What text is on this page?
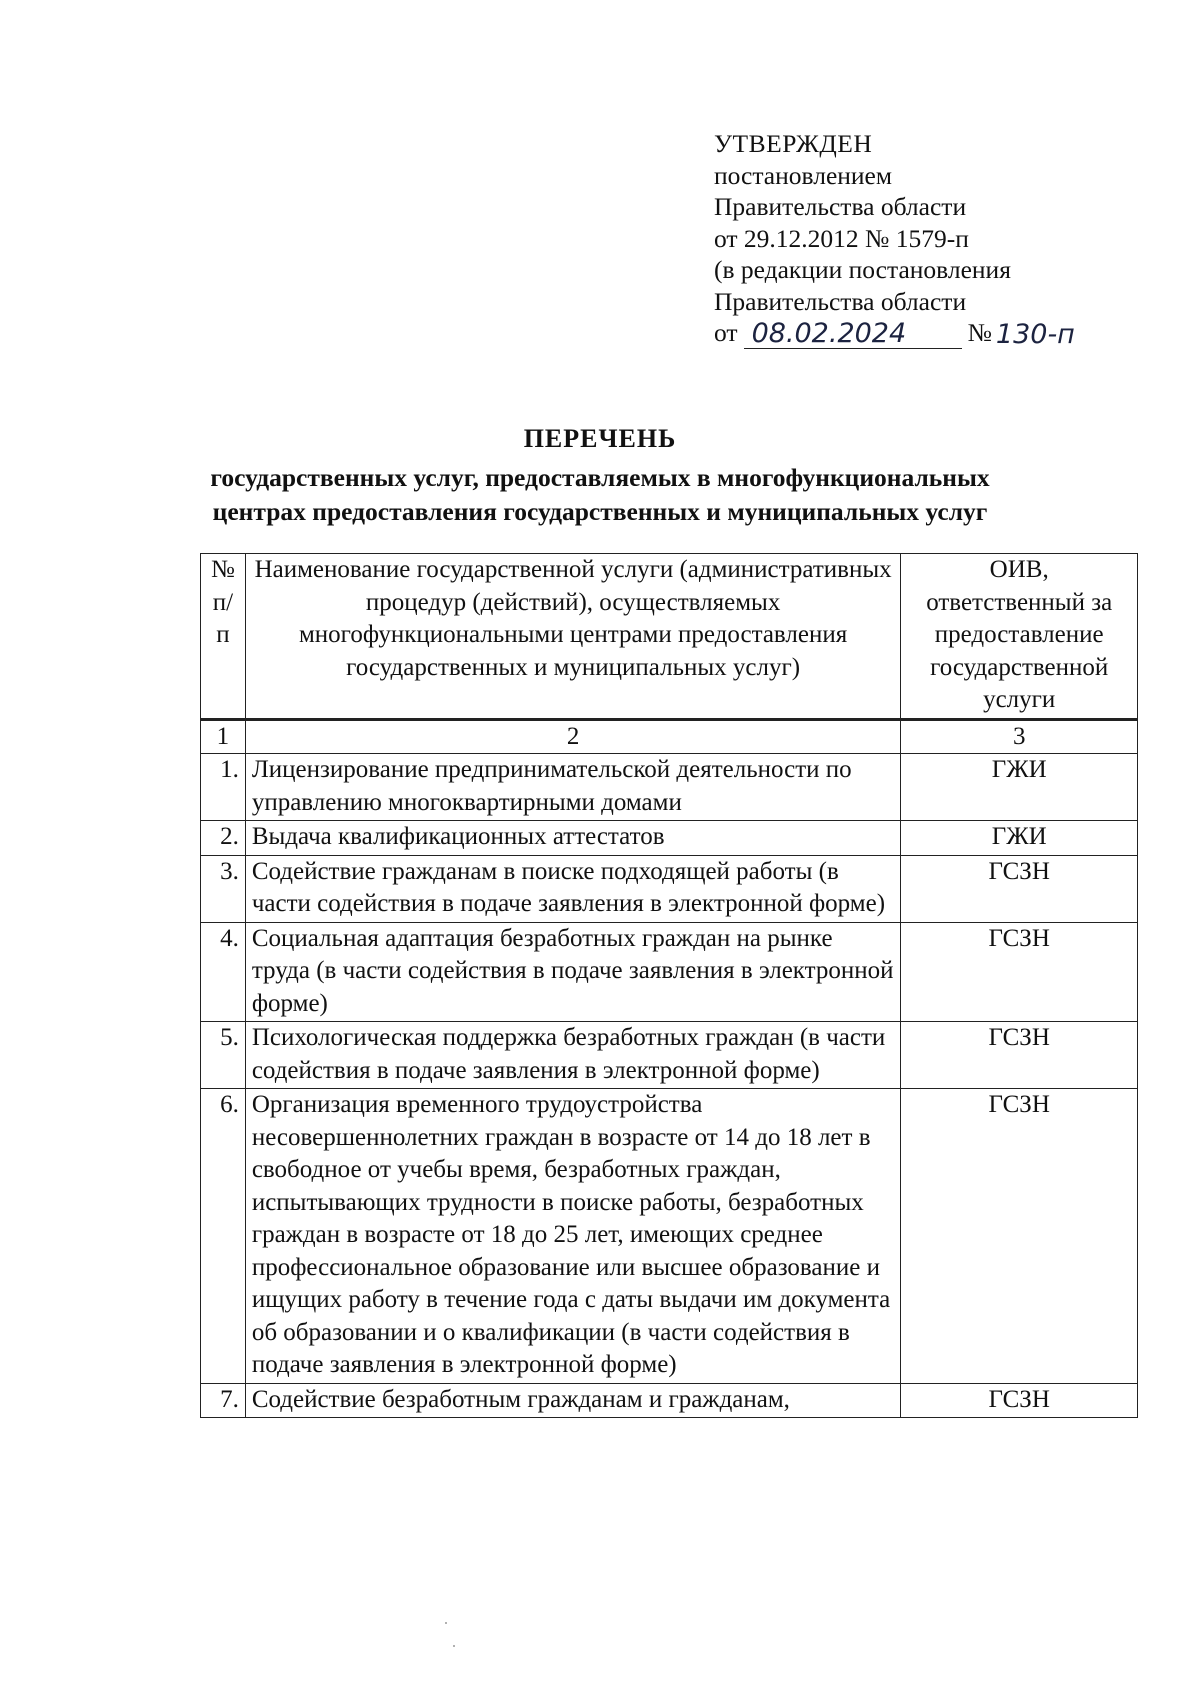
УТВЕРЖДЕН
постановлением
Правительства области
от 29.12.2012 № 1579-п
(в редакции постановления
Правительства области
от 08.02.2024 № 130-п
ПЕРЕЧЕНЬ
государственных услуг, предоставляемых в многофункциональных
центрах предоставления государственных и муниципальных услуг
№ п/п	Наименование государственной услуги (административных процедур (действий), осуществляемых многофункциональными центрами предоставления государственных и муниципальных услуг)	ОИВ, ответственный за предоставление государственной услуги
1	2	3
1.	Лицензирование предпринимательской деятельности по управлению многоквартирными домами	ГЖИ
2.	Выдача квалификационных аттестатов	ГЖИ
3.	Содействие гражданам в поиске подходящей работы (в части содействия в подаче заявления в электронной форме)	ГСЗН
4.	Социальная адаптация безработных граждан на рынке труда (в части содействия в подаче заявления в электронной форме)	ГСЗН
5.	Психологическая поддержка безработных граждан (в части содействия в подаче заявления в электронной форме)	ГСЗН
6.	Организация временного трудоустройства несовершеннолетних граждан в возрасте от 14 до 18 лет в свободное от учебы время, безработных граждан, испытывающих трудности в поиске работы, безработных граждан в возрасте от 18 до 25 лет, имеющих среднее профессиональное образование или высшее образование и ищущих работу в течение года с даты выдачи им документа об образовании и о квалификации (в части содействия в подаче заявления в электронной форме)	ГСЗН
7.	Содействие безработным гражданам и гражданам,	ГСЗН
